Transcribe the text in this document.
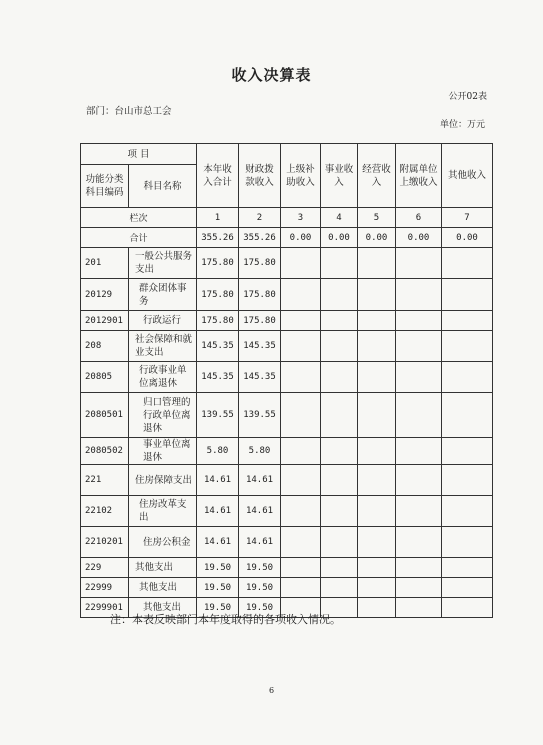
收入决算表
公开02表
部门：台山市总工会
单位：万元
项 目		本年收入合计	财政拨款收入	上级补助收入	事业收入	经营收入	附属单位上缴收入	其他收入
功能分类科目编码	科目名称							
栏次		1	2	3	4	5	6	7
合计		355.26	355.26	0.00	0.00	0.00	0.00	0.00
201	一般公共服务支出	175.80	175.80					
20129	群众团体事务	175.80	175.80					
2012901	行政运行	175.80	175.80					
208	社会保障和就业支出	145.35	145.35					
20805	行政事业单位离退休	145.35	145.35					
2080501	归口管理的行政单位离退休	139.55	139.55					
2080502	事业单位离退休	5.80	5.80					
221	住房保障支出	14.61	14.61					
22102	住房改革支出	14.61	14.61					
2210201	住房公积金	14.61	14.61					
229	其他支出	19.50	19.50					
22999	其他支出	19.50	19.50					
2299901	其他支出	19.50	19.50					
注：本表反映部门本年度取得的各项收入情况。
6
